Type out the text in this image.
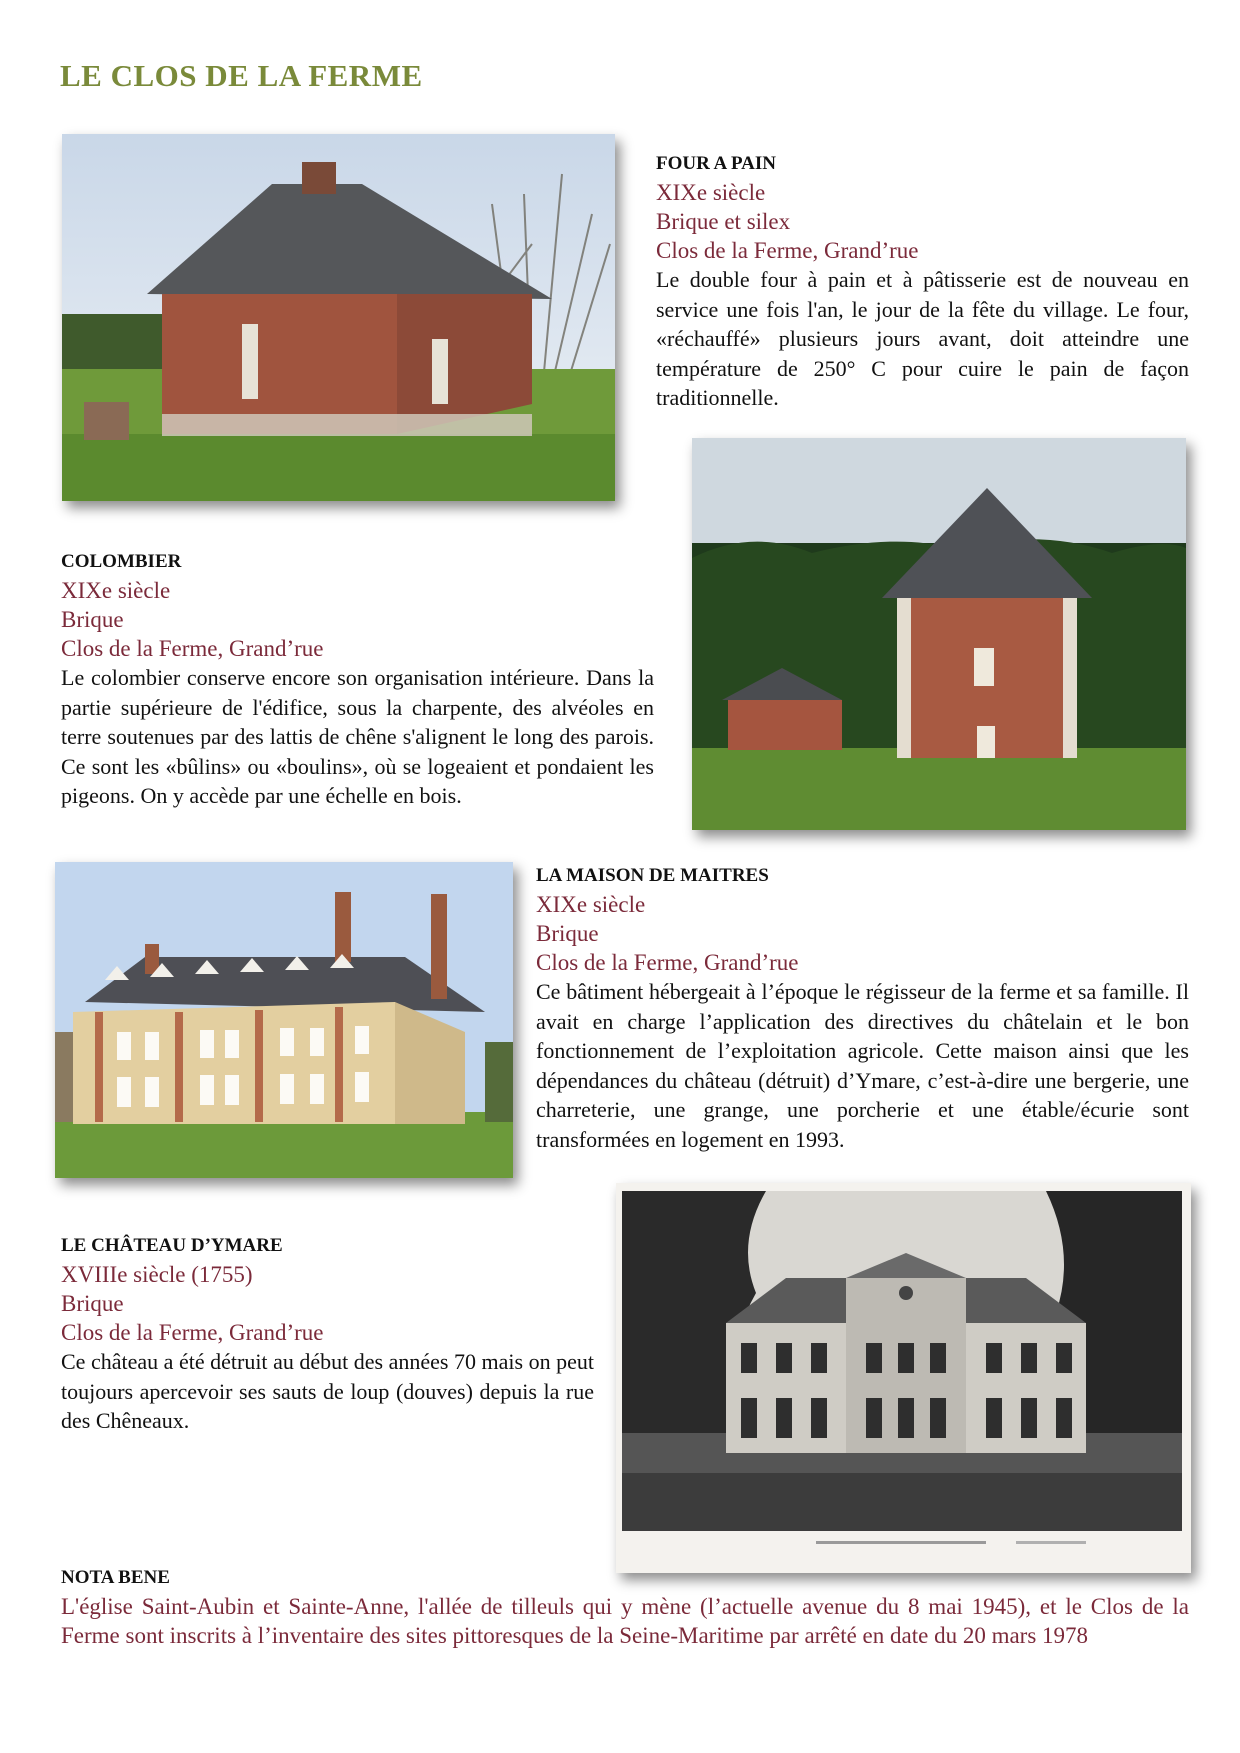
LE CLOS DE LA FERME
FOUR A PAIN
XIXe siècle
Brique et silex
Clos de la Ferme, Grand’rue

Le double four à pain et à pâtisserie est de nouveau en service une fois l'an, le jour de la fête du village. Le four, «réchauffé» plusieurs jours avant, doit atteindre une température de 250° C pour cuire le pain de façon traditionnelle.

COLOMBIER
XIXe siècle
Brique
Clos de la Ferme, Grand’rue

Le colombier conserve encore son organisation intérieure. Dans la partie supérieure de l'édifice, sous la charpente, des alvéoles en terre soutenues par des lattis de chêne s'alignent le long des parois. Ce sont les «bûlins» ou «boulins», où se logeaient et pondaient les pigeons. On y accède par une échelle en bois.

LA MAISON DE MAITRES
XIXe siècle
Brique
Clos de la Ferme, Grand’rue

Ce bâtiment hébergeait à l’époque le régisseur de la ferme et sa famille. Il avait en charge l’application des directives du châtelain et le bon fonctionnement de l’exploitation agricole. Cette maison ainsi que les dépendances du château (détruit) d’Ymare, c’est-à-dire une bergerie, une charreterie, une grange, une porcherie et une étable/écurie sont transformées en logement en 1993.

LE CHÂTEAU D’YMARE
XVIIIe siècle (1755)
Brique
Clos de la Ferme, Grand’rue

Ce château a été détruit au début des années 70 mais on peut toujours apercevoir ses sauts de loup (douves) depuis la rue des Chêneaux.

NOTA BENE
L'église Saint-Aubin et Sainte-Anne, l'allée de tilleuls qui y mène (l’actuelle avenue du 8 mai 1945), et le Clos de la Ferme sont inscrits à l’inventaire des sites pittoresques de la Seine-Maritime par arrêté en date du 20 mars 1978
